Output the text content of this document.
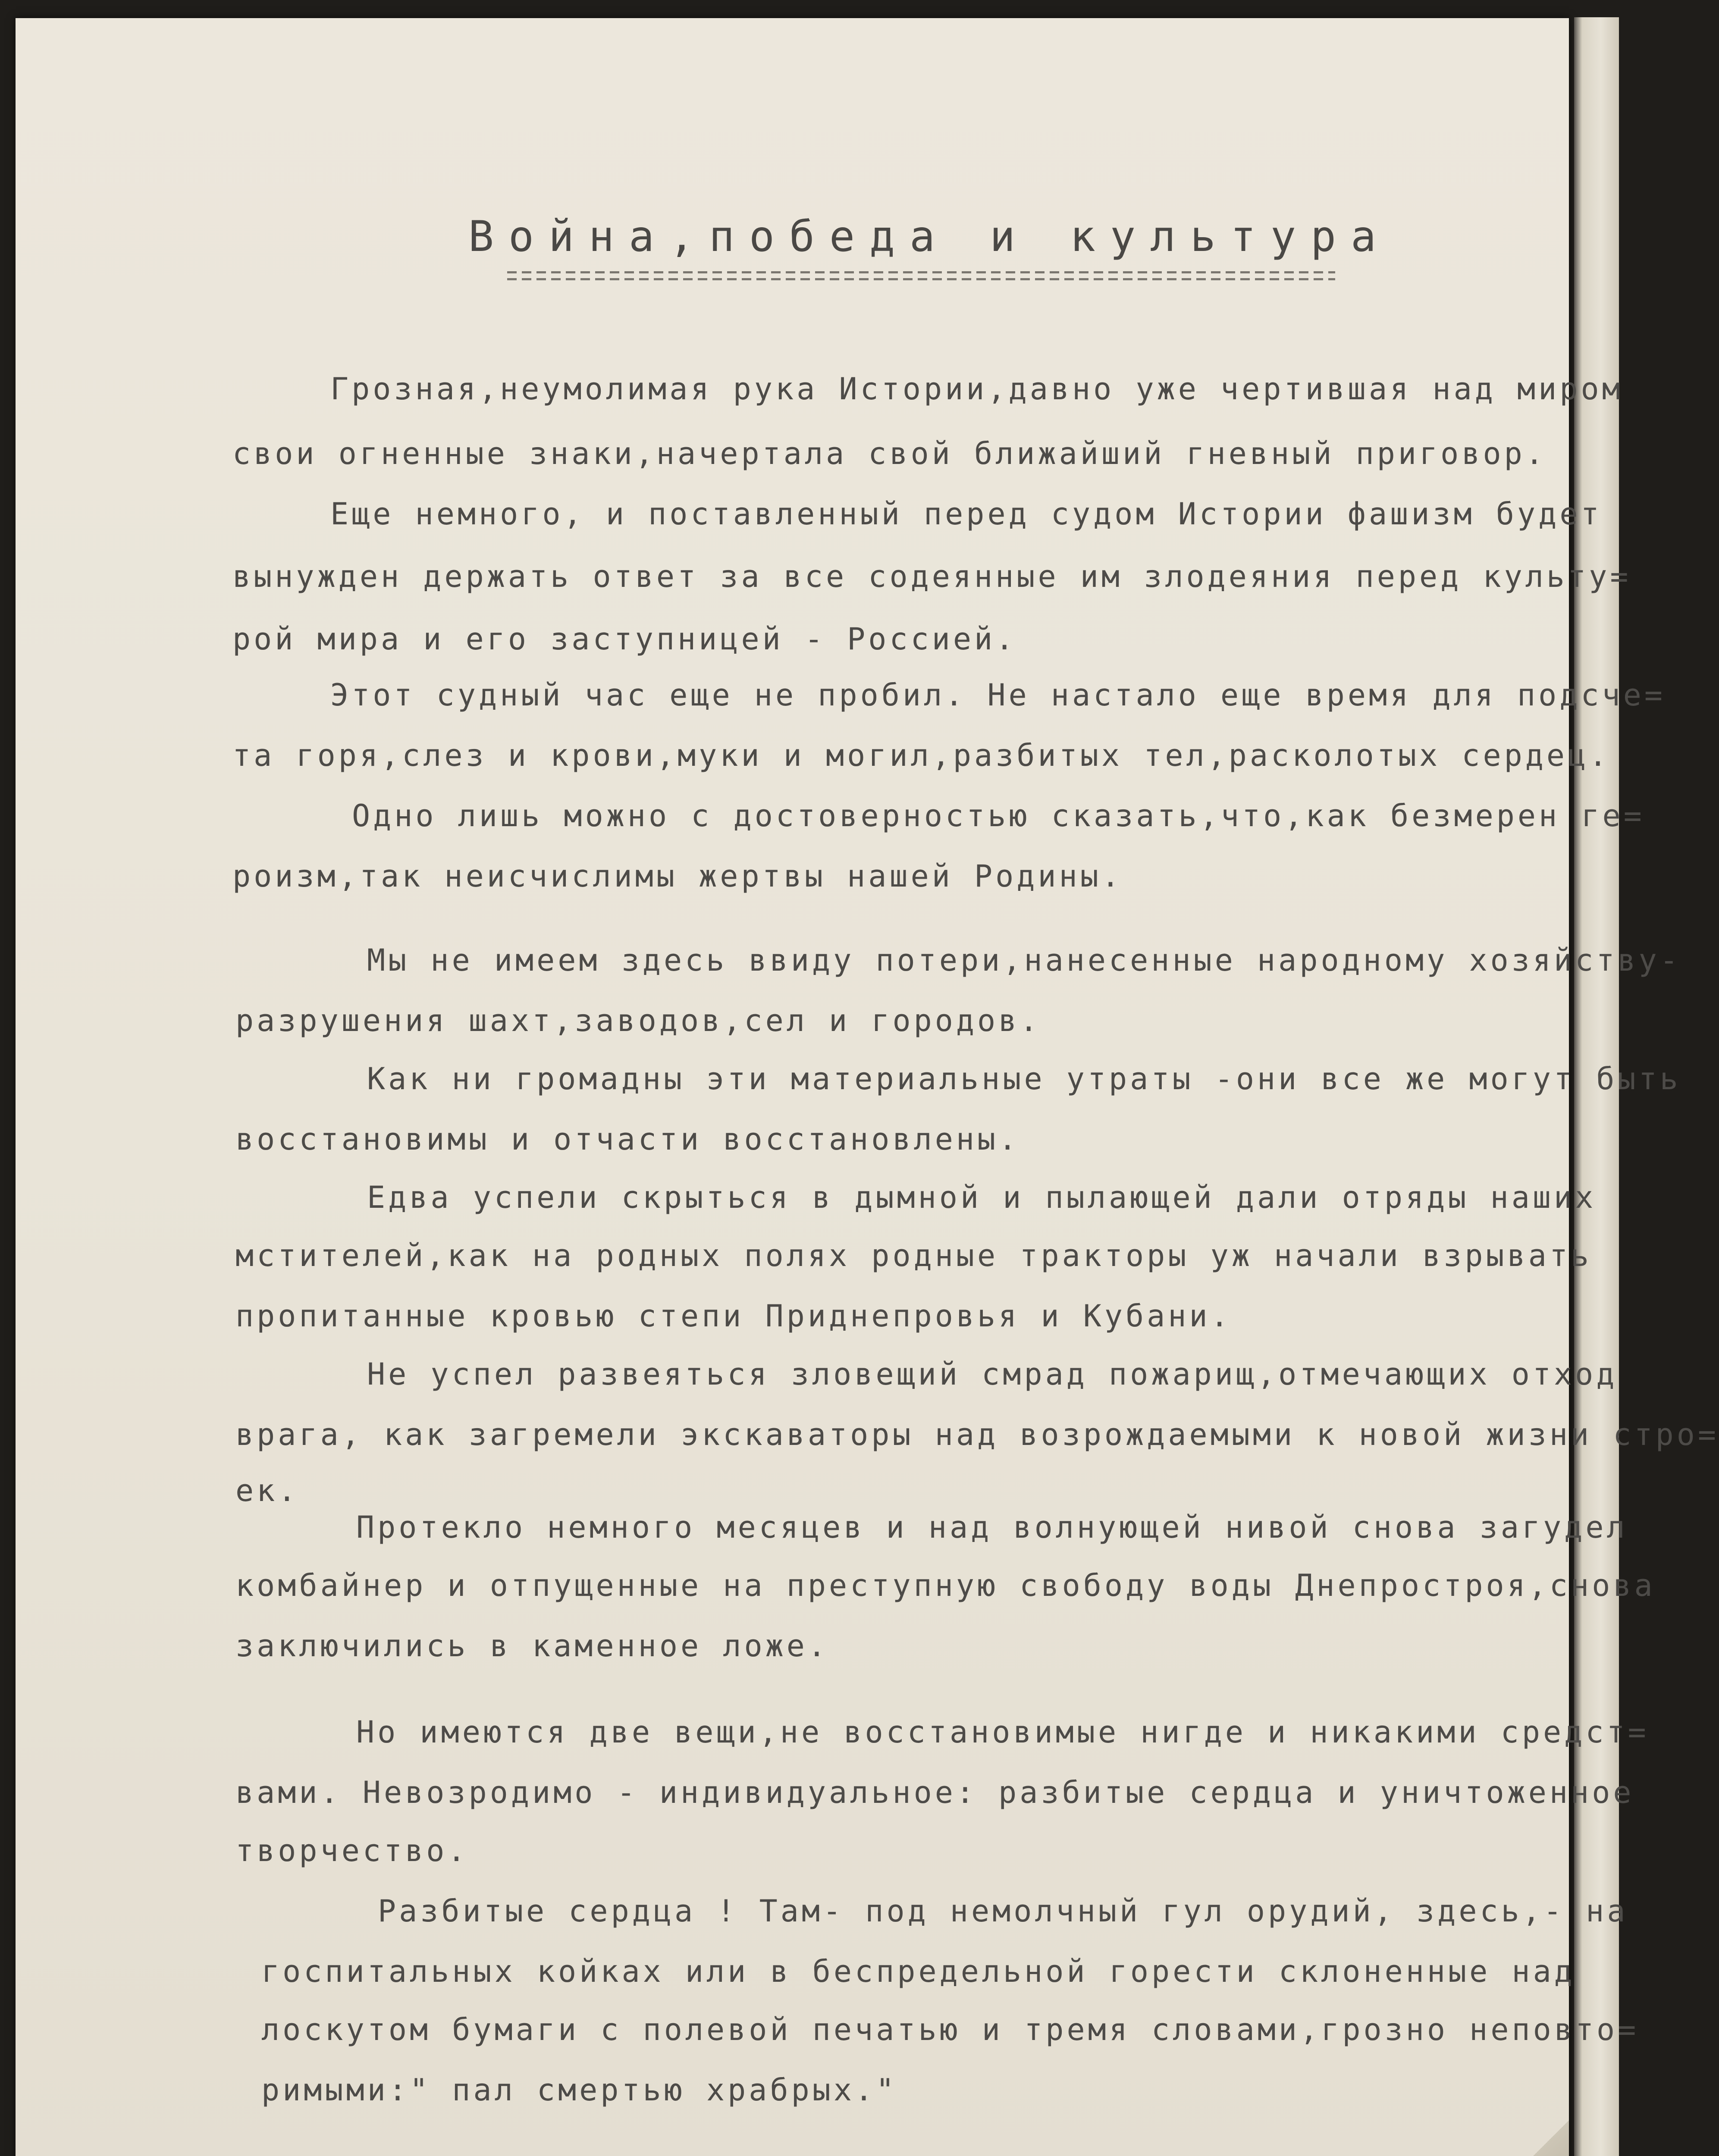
Война,победа и культура
Грозная,неумолимая рука Истории,давно уже чертившая над миром
свои огненные знаки,начертала свой ближайший гневный приговор.
Еще немного, и поставленный перед судом Истории фашизм будет
вынужден держать ответ за все содеянные им злодеяния перед культу=
рой мира и его заступницей - Россией.
Этот судный час еще не пробил. Не настало еще время для подсче=
та горя,слез и крови,муки и могил,разбитых тел,расколотых сердец.
Одно лишь можно с достоверностью сказать,что,как безмерен ге=
роизм,так неисчислимы жертвы нашей Родины.
Мы не имеем здесь ввиду потери,нанесенные народному хозяйству-
разрушения шахт,заводов,сел и городов.
Как ни громадны эти материальные утраты -они все же могут быть
восстановимы и отчасти восстановлены.
Едва успели скрыться в дымной и пылающей дали отряды наших
мстителей,как на родных полях родные тракторы уж начали взрывать
пропитанные кровью степи Приднепровья и Кубани.
Не успел развеяться зловещий смрад пожарищ,отмечающих отход
врага, как загремели экскаваторы над возрождаемыми к новой жизни стро=
ек.
Протекло немного месяцев и над волнующей нивой снова загудел
комбайнер и отпущенные на преступную свободу воды Днепростроя,снова
заключились в каменное ложе.
Но имеются две вещи,не восстановимые нигде и никакими средст=
вами. Невозродимо - индивидуальное: разбитые сердца и уничтоженное
творчество.
Разбитые сердца ! Там- под немолчный гул орудий, здесь,- на
госпитальных койках или в беспредельной горести склоненные над
лоскутом бумаги с полевой печатью и тремя словами,грозно неповто=
римыми:" пал смертью храбрых."
